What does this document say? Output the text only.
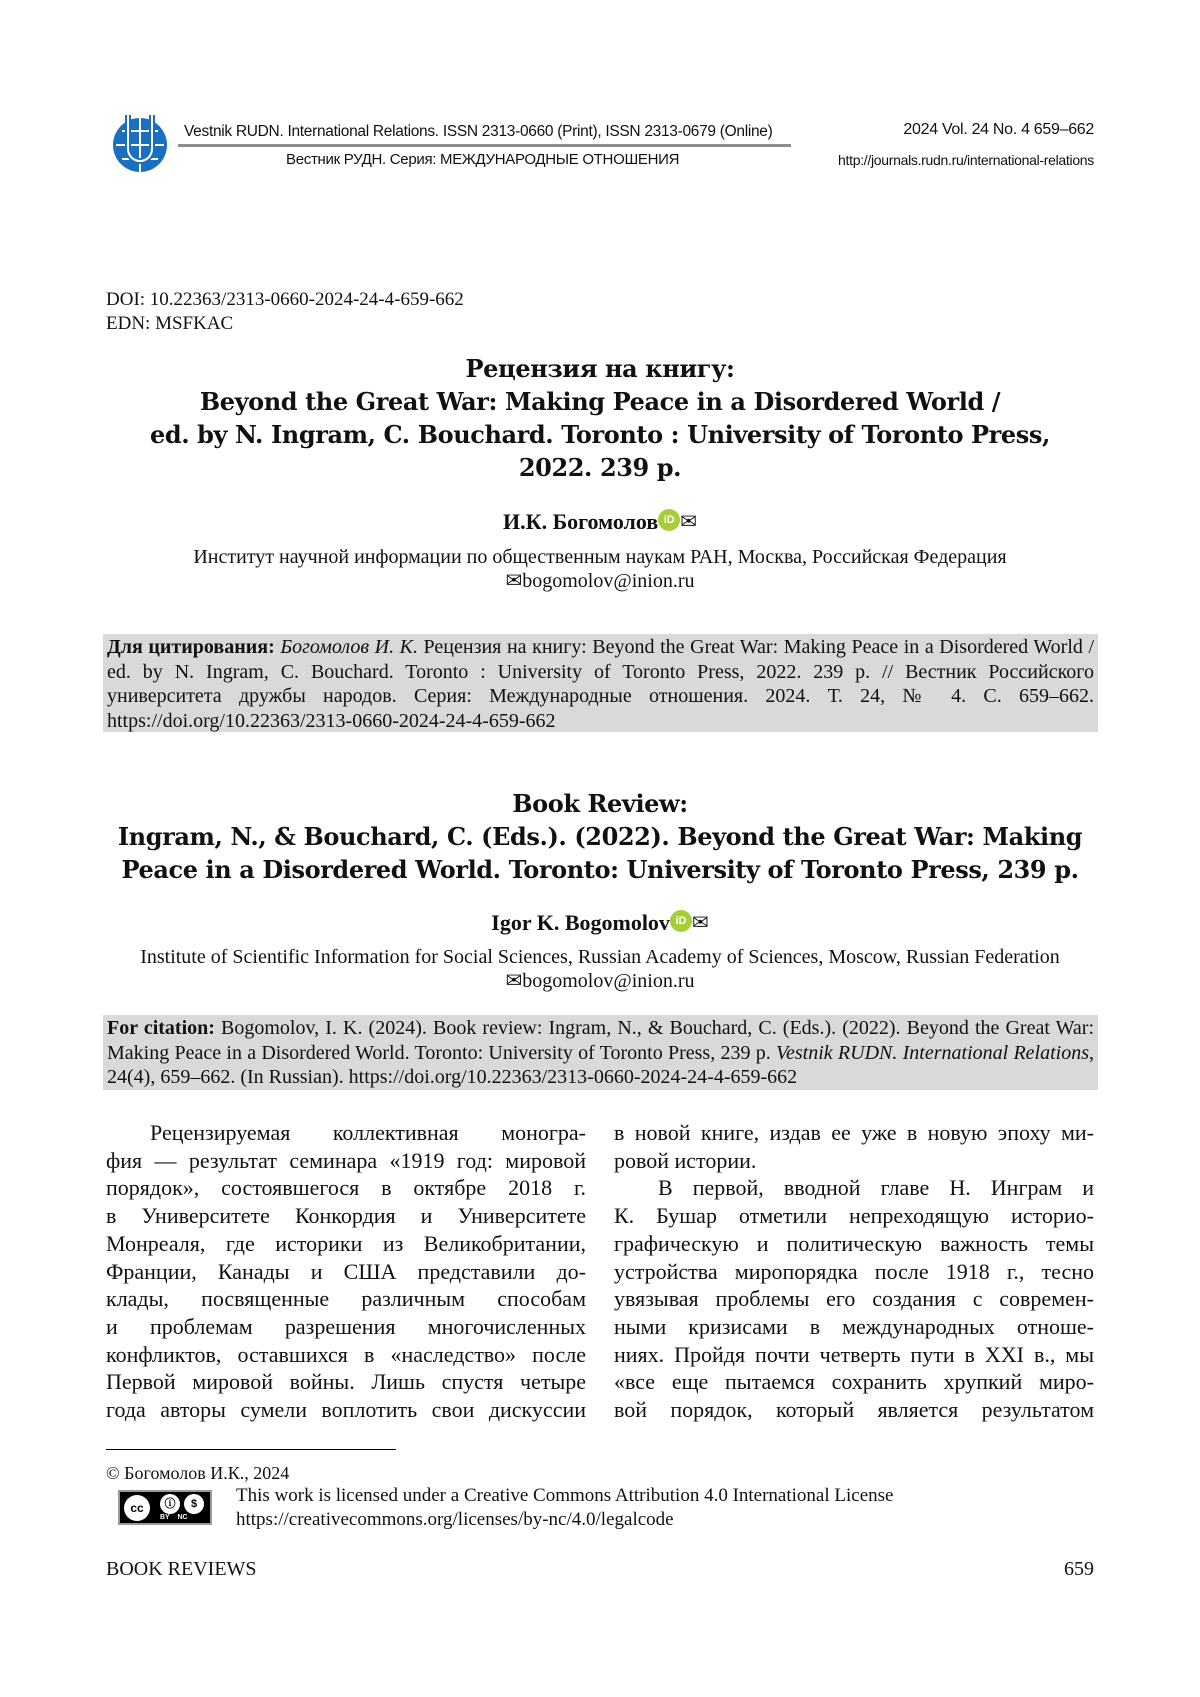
Vestnik RUDN. International Relations. ISSN 2313-0660 (Print), ISSN 2313-0679 (Online)
Вестник РУДН. Серия: МЕЖДУНАРОДНЫЕ ОТНОШЕНИЯ
2024 Vol. 24 No. 4 659–662
http://journals.rudn.ru/international-relations
DOI: 10.22363/2313-0660-2024-24-4-659-662
EDN: MSFKAC
Рецензия на книгу:
Beyond the Great War: Making Peace in a Disordered World /
ed. by N. Ingram, C. Bouchard. Toronto : University of Toronto Press,
2022. 239 p.
И.К. Богомолов iD ✉
Институт научной информации по общественным наукам РАН, Москва, Российская Федерация
✉bogomolov@inion.ru
Для цитирования: Богомолов И. К. Рецензия на книгу: Beyond the Great War: Making Peace in a Disordered World / ed. by N. Ingram, C. Bouchard. Toronto : University of Toronto Press, 2022. 239 p. // Вестник Российского университета дружбы народов. Серия: Международные отношения. 2024. Т. 24, № 4. С. 659–662. https://doi.org/10.22363/2313-0660-2024-24-4-659-662
Book Review:
Ingram, N., & Bouchard, C. (Eds.). (2022). Beyond the Great War: Making
Peace in a Disordered World. Toronto: University of Toronto Press, 239 p.
Igor K. Bogomolov iD ✉
Institute of Scientific Information for Social Sciences, Russian Academy of Sciences, Moscow, Russian Federation
✉bogomolov@inion.ru
For citation: Bogomolov, I. K. (2024). Book review: Ingram, N., & Bouchard, C. (Eds.). (2022). Beyond the Great War: Making Peace in a Disordered World. Toronto: University of Toronto Press, 239 p. Vestnik RUDN. International Relations, 24(4), 659–662. (In Russian). https://doi.org/10.22363/2313-0660-2024-24-4-659-662
Рецензируемая коллективная моногра-
фия — результат семинара «1919 год: мировой
порядок», состоявшегося в октябре 2018 г.
в Университете Конкордия и Университете
Монреаля, где историки из Великобритании,
Франции, Канады и США представили до-
клады, посвященные различным способам
и проблемам разрешения многочисленных
конфликтов, оставшихся в «наследство» после
Первой мировой войны. Лишь спустя четыре
года авторы сумели воплотить свои дискуссии
в новой книге, издав ее уже в новую эпоху ми-
ровой истории.
В первой, вводной главе Н. Инграм и
К. Бушар отметили непреходящую историо-
графическую и политическую важность темы
устройства миропорядка после 1918 г., тесно
увязывая проблемы его создания с современ-
ными кризисами в международных отноше-
ниях. Пройдя почти четверть пути в XXI в., мы
«все еще пытаемся сохранить хрупкий миро-
вой порядок, который является результатом
© Богомолов И.К., 2024
cc	ⓘ	$
BY    NC
This work is licensed under a Creative Commons Attribution 4.0 International License
https://creativecommons.org/licenses/by-nc/4.0/legalcode
BOOK REVIEWS	659
